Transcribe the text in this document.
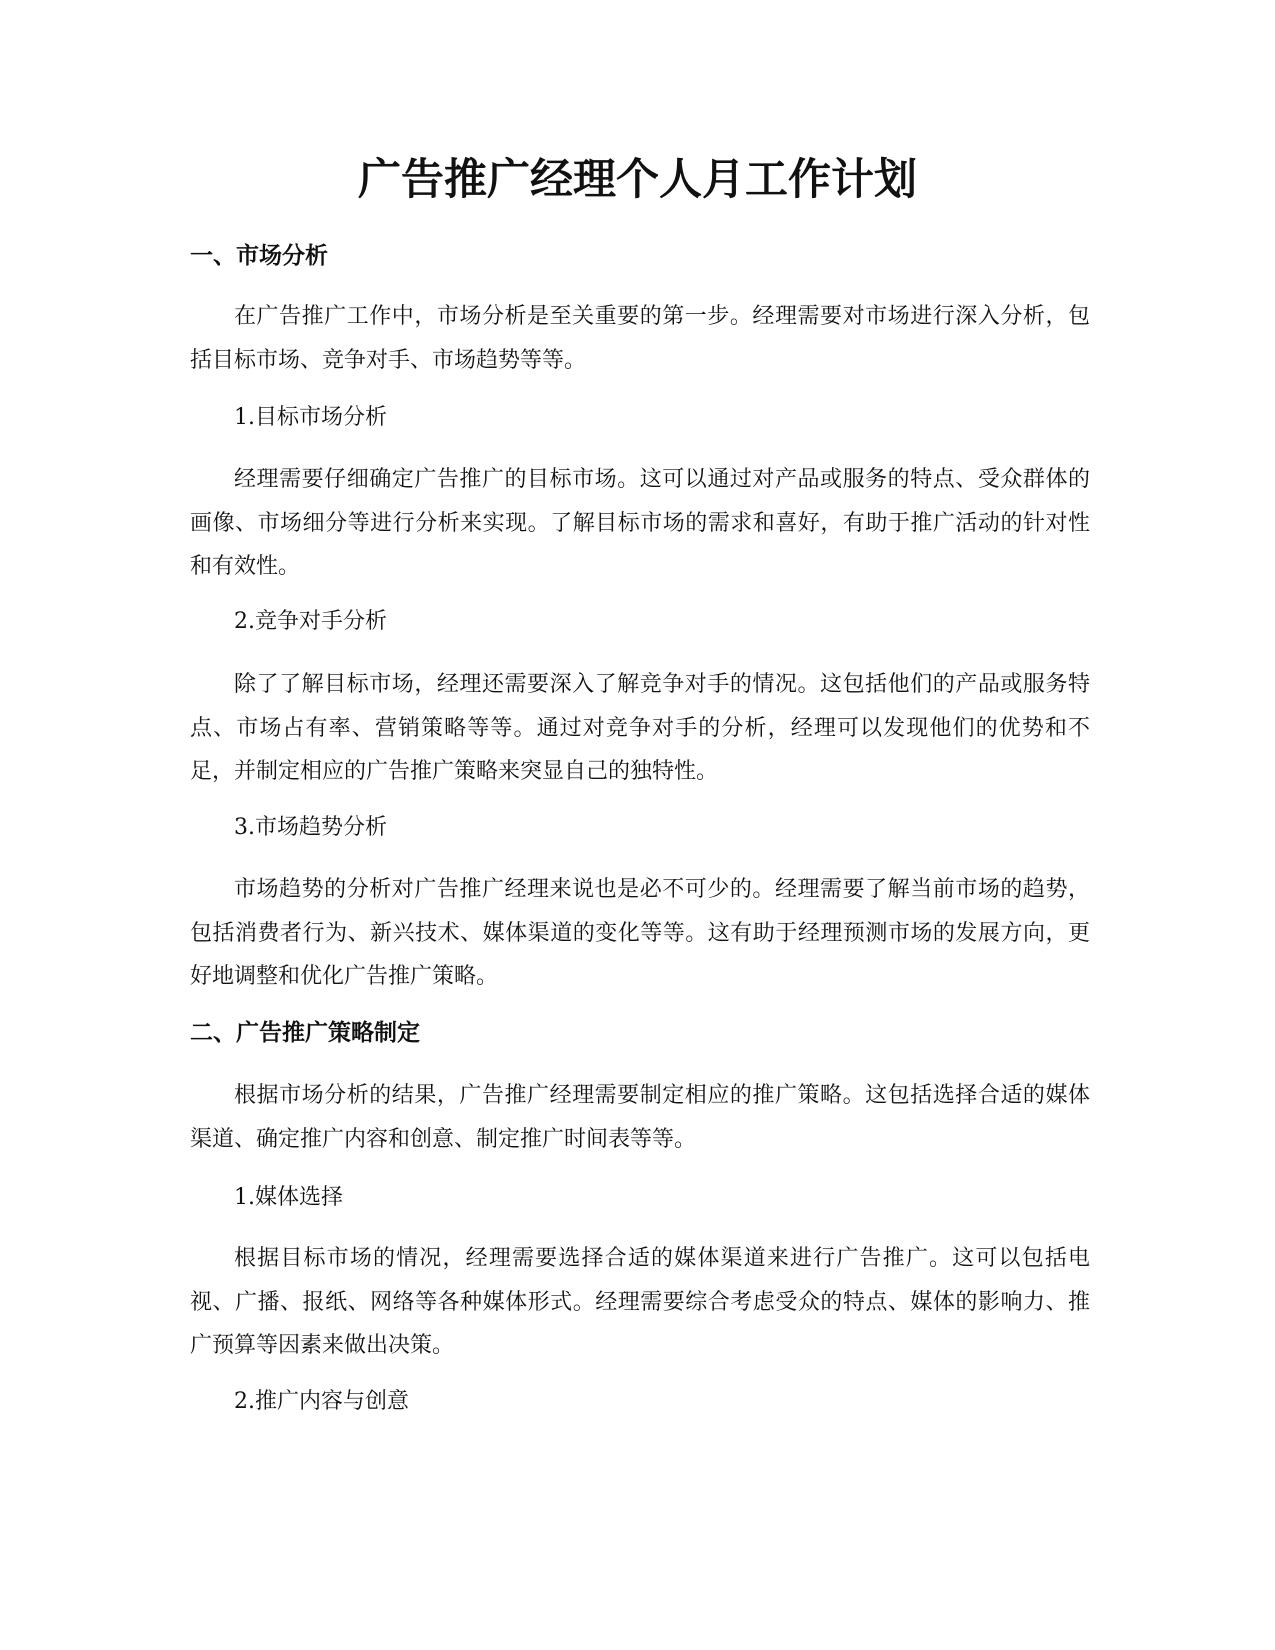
广告推广经理个人月工作计划
一、市场分析

在广告推广工作中，市场分析是至关重要的第一步。经理需要对市场进行深入分析，包括目标市场、竞争对手、市场趋势等等。

1.目标市场分析

经理需要仔细确定广告推广的目标市场。这可以通过对产品或服务的特点、受众群体的画像、市场细分等进行分析来实现。了解目标市场的需求和喜好，有助于推广活动的针对性和有效性。

2.竞争对手分析

除了了解目标市场，经理还需要深入了解竞争对手的情况。这包括他们的产品或服务特点、市场占有率、营销策略等等。通过对竞争对手的分析，经理可以发现他们的优势和不足，并制定相应的广告推广策略来突显自己的独特性。

3.市场趋势分析

市场趋势的分析对广告推广经理来说也是必不可少的。经理需要了解当前市场的趋势，包括消费者行为、新兴技术、媒体渠道的变化等等。这有助于经理预测市场的发展方向，更好地调整和优化广告推广策略。

二、广告推广策略制定

根据市场分析的结果，广告推广经理需要制定相应的推广策略。这包括选择合适的媒体渠道、确定推广内容和创意、制定推广时间表等等。

1.媒体选择

根据目标市场的情况，经理需要选择合适的媒体渠道来进行广告推广。这可以包括电视、广播、报纸、网络等各种媒体形式。经理需要综合考虑受众的特点、媒体的影响力、推广预算等因素来做出决策。

2.推广内容与创意
